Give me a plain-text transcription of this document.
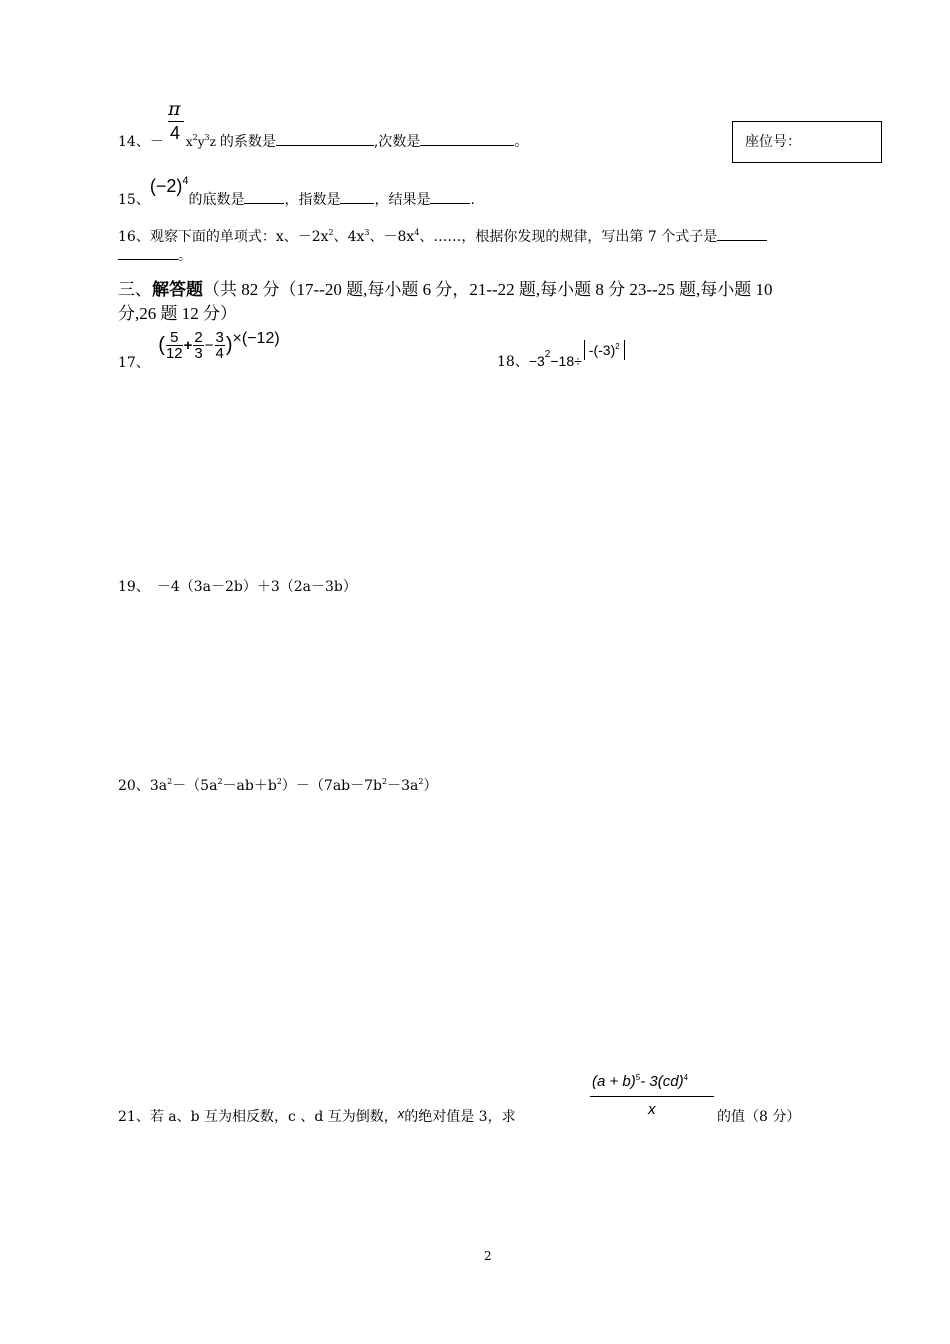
座位号：
π
4
14、－ $x^2y^3z$ 的系数是	,次数是	。
15、$(-2)^4$的底数是	，指数是 ，结果是	.
16、观察下面的单项式：x、$-2x^2$、$4x^3$、$-8x^4$、……，根据你发现的规律，写出第 7 个式子是
。
三、解答题（共 82 分（17--20 题,每小题 6 分，21--22 题,每小题 8 分 23--25 题,每小题 10
分,26 题 12 分）
17、 ( $\frac{5}{12} + \frac{2}{3} - \frac{3}{4} )\times(-12)$
18、$-3^2-18\div-(-3)^2$
19、　－4（3a－2b）＋3（2a－3b）
20、$3a^2-(5a^2-ab+b^2)-(7ab-7b^2-3a^2)$
$(a + b)^5-$ 3(cd)$^4$
x
21、若 a、b 互为相反数，c 、d 互为倒数，x的绝对值是 3，求	的值（8 分）
2
